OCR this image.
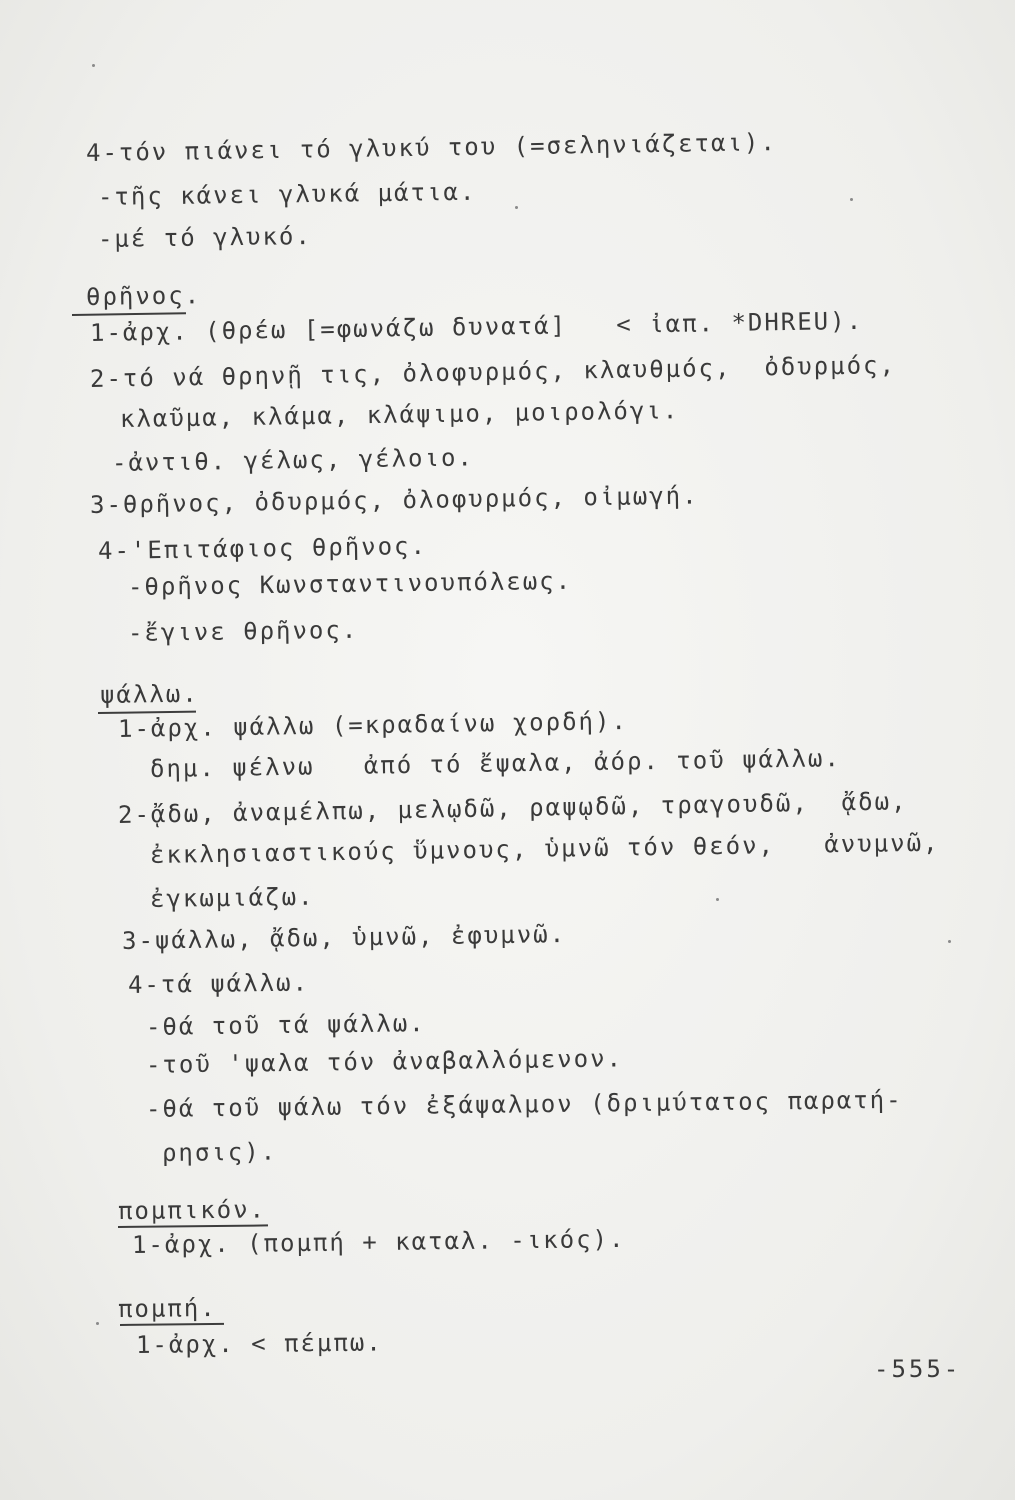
4-τόν πιάνει τό γλυκύ του (=σεληνιάζεται).

-τῆς κάνει γλυκά μάτια.

-μέ τό γλυκό.

θρῆνος.

1-ἀρχ. (θρέω [=φωνάζω δυνατά]   < ἰαπ. *DHREU).

2-τό νά θρηνῇ τις, ὀλοφυρμός, κλαυθμός,  ὀδυρμός,

κλαῦμα, κλάμα, κλάψιμο, μοιρολόγι.

-ἀντιθ. γέλως, γέλοιο.

3-θρῆνος, ὀδυρμός, ὀλοφυρμός, οἰμωγή.

4-'Επιτάφιος θρῆνος.

-θρῆνος Κωνσταντινουπόλεως.

-ἔγινε θρῆνος.

ψάλλω.

1-ἀρχ. ψάλλω (=κραδαίνω χορδή).

δημ. ψέλνω   ἀπό τό ἔψαλα, ἀόρ. τοῦ ψάλλω.

2-ᾄδω, ἀναμέλπω, μελῳδῶ, ραψῳδῶ, τραγουδῶ,  ᾄδω,

ἐκκλησιαστικούς ὕμνους, ὑμνῶ τόν θεόν,   ἀνυμνῶ,

ἐγκωμιάζω.

3-ψάλλω, ᾄδω, ὑμνῶ, ἐφυμνῶ.

4-τά ψάλλω.

-θά τοῦ τά ψάλλω.

-τοῦ 'ψαλα τόν ἀναβαλλόμενον.

-θά τοῦ ψάλω τόν ἐξάψαλμον (δριμύτατος παρατή-

ρησις).

πομπικόν.

1-ἀρχ. (πομπή + καταλ. -ικός).

πομπή.

1-ἀρχ. < πέμπω.

-555-
